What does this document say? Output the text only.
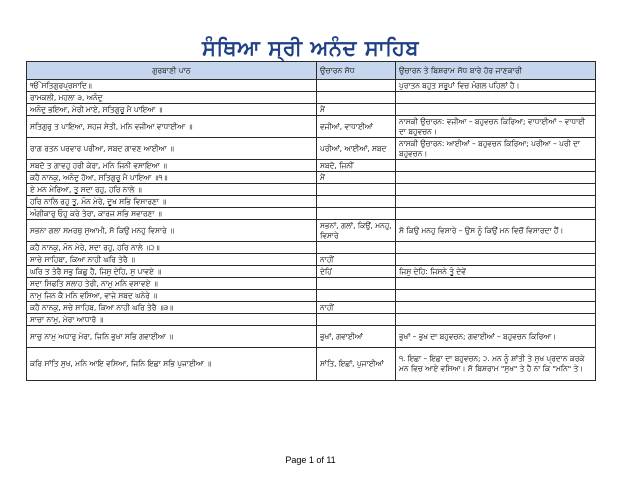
ਸੰਥਿਆ ਸ੍ਰੀ ਅਨੰਦ ਸਾਹਿਬ
ਗੁਰਬਾਣੀ ਪਾਠ	ਉਚਾਰਨ ਸੋਧ	ਉਚਾਰਨ ਤੇ ਬਿਸ਼ਰਾਮ ਸੋਧ ਬਾਰੇ ਹੋਰ ਜਾਣਕਾਰੀ
ੴ ਸਤਿਗੁਰਪ੍ਰਸਾਦਿ॥		ਪੁਰਾਤਨ ਬਹੁਤ ਸਰੂਪਾਂ ਵਿਚ ਮੰਗਲ ਪਹਿਲਾਂ ਹੈ।
ਰਾਮਕਲੀ, ਮਹਲਾ ੩, ਅਨੰਦੁ		
ਅਨੰਦੁ ਭਇਆ, ਮੇਰੀ ਮਾਏ, ਸਤਿਗੁਰੂ ਮੈ ਪਾਇਆ ॥	ਮੈਂ	
ਸਤਿਗੁਰੁ ਤ ਪਾਇਆ, ਸਹਜ ਸੇਤੀ, ਮਨਿ ਵਜੀਆ ਵਾਧਾਈਆ ॥	ਵਜੀਆਂ, ਵਾਧਾਈਆਂ	ਨਾਸਕੀ ਉਚਾਰਨ: ਵਜੀਆ – ਬਹੁਵਚਨ ਕਿਰਿਆ; ਵਾਧਾਈਆਂ – ਵਾਧਾਈ ਦਾ ਬਹੁਵਚਨ।
ਰਾਗ ਰਤਨ ਪਰਵਾਰ ਪਰੀਆ, ਸਬਦ ਗਾਵਣ ਆਈਆ ॥	ਪਰੀਆਂ, ਆਈਆਂ, ਸਬਦ	ਨਾਸਕੀ ਉਚਾਰਨ: ਆਈਆਂ – ਬਹੁਵਚਨ ਕਿਰਿਆ; ਪਰੀਆ – ਪਰੀ ਦਾ ਬਹੁਵਚਨ।
ਸਬਦੋ ਤ ਗਾਵਹੁ ਹਰੀ ਕੇਰਾ, ਮਨਿ ਜਿਨੀ ਵਸਾਇਆ ॥	ਸਬਦੋ, ਜਿਨੀਂ	
ਕਹੈ ਨਾਨਕੁ, ਅਨੰਦੁ ਹੋਆ, ਸਤਿਗੁਰੂ ਮੈ ਪਾਇਆ ॥੧॥	ਮੈਂ	
ਏ ਮਨ ਮੇਰਿਆ, ਤੂ ਸਦਾ ਰਹੁ, ਹਰਿ ਨਾਲੇ ॥		
ਹਰਿ ਨਾਲਿ ਰਹੁ ਤੂ, ਮੰਨ ਮੇਰੇ, ਦੂਖ ਸਭਿ ਵਿਸਾਰਣਾ ॥		
ਅੰਗੀਕਾਰੁ ਓਹੁ ਕਰੇ ਤੇਰਾ, ਕਾਰਜ ਸਭਿ ਸਵਾਰਣਾ ॥		
ਸਭਨਾ ਗਲਾ ਸਮਰਥੁ ਸੁਆਮੀ, ਸੋ ਕਿਉ ਮਨਹੁ ਵਿਸਾਰੇ ॥	ਸਭਨਾਂ, ਗਲਾਂ, ਕਿਉਂ, ਮਨਹੁ, ਵਿਸਾਰੇ	ਸੋ ਕਿਉ ਮਨਹੁ ਵਿਸਾਰੇ – ਉਸ ਨੂੰ ਕਿਉਂ ਮਨ ਵਿਚੋਂ ਵਿਸਾਰਦਾ ਹੈਂ।
ਕਹੈ ਨਾਨਕੁ, ਮੰਨ ਮੇਰੇ, ਸਦਾ ਰਹੁ, ਹਰਿ ਨਾਲੇ ॥੨॥		
ਸਾਚੇ ਸਾਹਿਬਾ, ਕਿਆ ਨਾਹੀ ਘਰਿ ਤੇਰੈ ॥	ਨਾਹੀਂ	
ਘਰਿ ਤ ਤੇਰੈ ਸਭੁ ਕਿਛੁ ਹੈ, ਜਿਸੁ ਦੇਹਿ, ਸੁ ਪਾਵਏ ॥	ਦੇਹਿਂ	ਜਿਸੁ ਦੇਹਿ: ਜਿਸਨੇ ਤੂੰ ਦੇਵੇਂ
ਸਦਾ ਸਿਫਤਿ ਸਲਾਹ ਤੇਰੀ, ਨਾਮੁ ਮਨਿ ਵਸਾਵਏ ॥		
ਨਾਮੁ ਜਿਨ ਕੈ ਮਨਿ ਵਸਿਆ, ਵਾਜੇ ਸਬਦ ਘਨੇਰੇ ॥		
ਕਹੈ ਨਾਨਕੁ, ਸਚੇ ਸਾਹਿਬ, ਕਿਆ ਨਾਹੀ ਘਰਿ ਤੇਰੈ ॥੩॥	ਨਾਹੀਂ	
ਸਾਚਾ ਨਾਮੁ, ਮੇਰਾ ਆਧਾਰੋ ॥		
ਸਾਚੁ ਨਾਮੁ ਅਧਾਰੁ ਮੇਰਾ, ਜਿਨਿ ਭੁਖਾ ਸਭਿ ਗਵਾਈਆ ॥	ਭੁਖਾਂ, ਗਵਾਈਆਂ	ਭੁਖਾਂ – ਭੁਖ ਦਾ ਬਹੁਵਚਨ; ਗਵਾਈਆਂ – ਬਹੁਵਚਨ ਕਿਰਿਆ।
ਕਰਿ ਸਾਂਤਿ ਸੁਖ, ਮਨਿ ਆਇ ਵਸਿਆ, ਜਿਨਿ ਇਛਾ ਸਭਿ ਪੁਜਾਈਆ ॥	ਸਾਂਤਿ, ਇਛਾਂ, ਪੁਜਾਈਆਂ	੧. ਇਛਾ – ਇਛਾ ਦਾ ਬਹੁਵਚਨ; ੨. ਮਨ ਨੂੰ ਸ਼ਾਂਤੀ ਤੇ ਸੁਖ ਪ੍ਰਦਾਨ ਕਰਕੇ ਮਨ ਵਿਚ ਆਏ ਵਸਿਆ। ਸੋ ਬਿਸ਼ਰਾਮ "ਸੁਖ" ਤੇ ਹੈ ਨਾ ਕਿ "ਮਨਿ" ਤੇ।
Page 1 of 11
